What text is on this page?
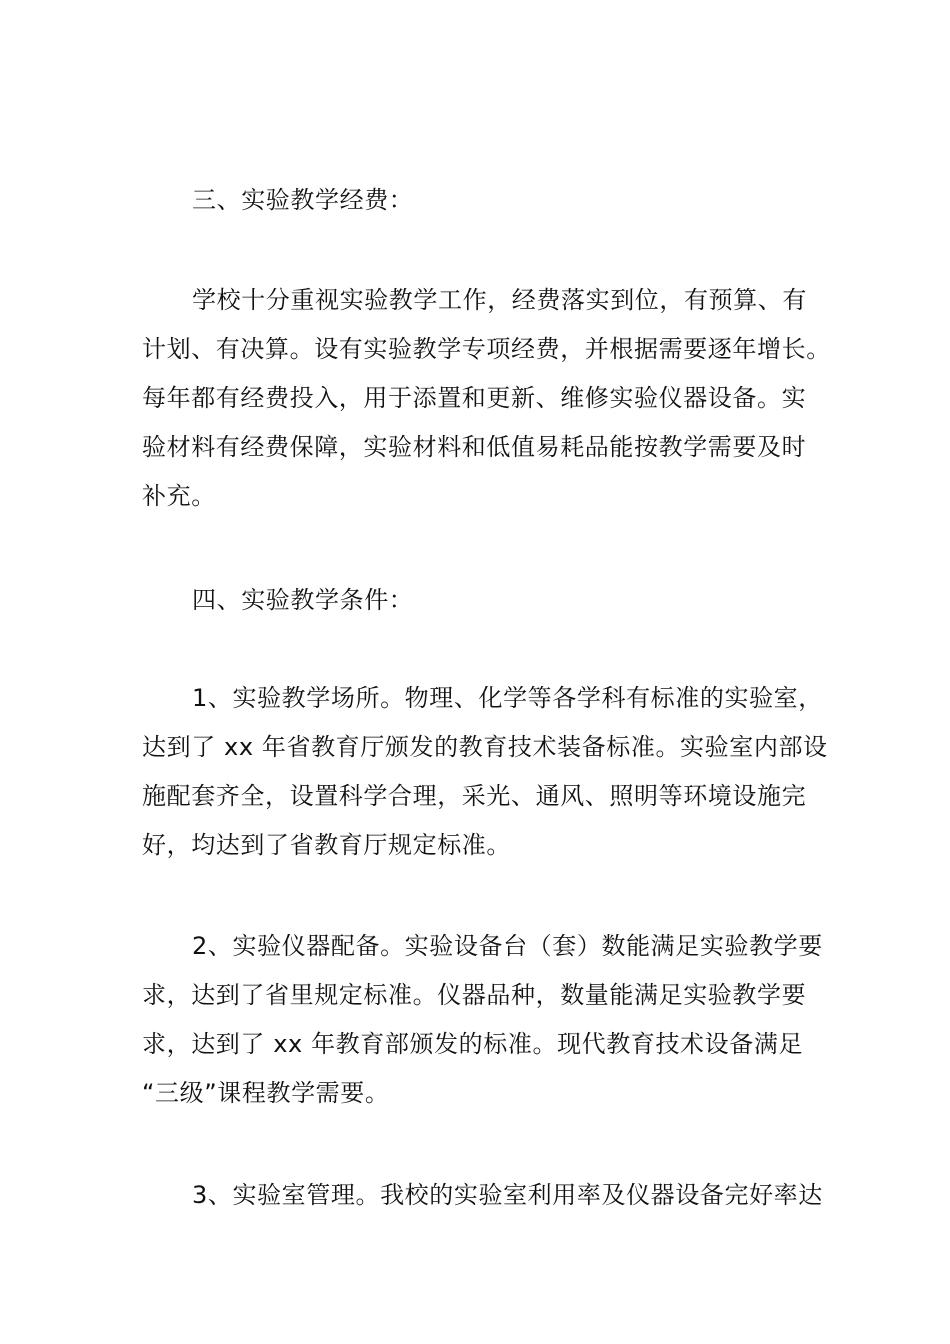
三、实验教学经费：
学校十分重视实验教学工作，经费落实到位，有预算、有
计划、有决算。设有实验教学专项经费，并根据需要逐年增长。
每年都有经费投入，用于添置和更新、维修实验仪器设备。实
验材料有经费保障，实验材料和低值易耗品能按教学需要及时
补充。
四、实验教学条件：
1、实验教学场所。物理、化学等各学科有标准的实验室，
达到了 xx 年省教育厅颁发的教育技术装备标准。实验室内部设
施配套齐全，设置科学合理，采光、通风、照明等环境设施完
好，均达到了省教育厅规定标准。
2、实验仪器配备。实验设备台（套）数能满足实验教学要
求，达到了省里规定标准。仪器品种，数量能满足实验教学要
求，达到了 xx 年教育部颁发的标准。现代教育技术设备满足
“三级”课程教学需要。
3、实验室管理。我校的实验室利用率及仪器设备完好率达
